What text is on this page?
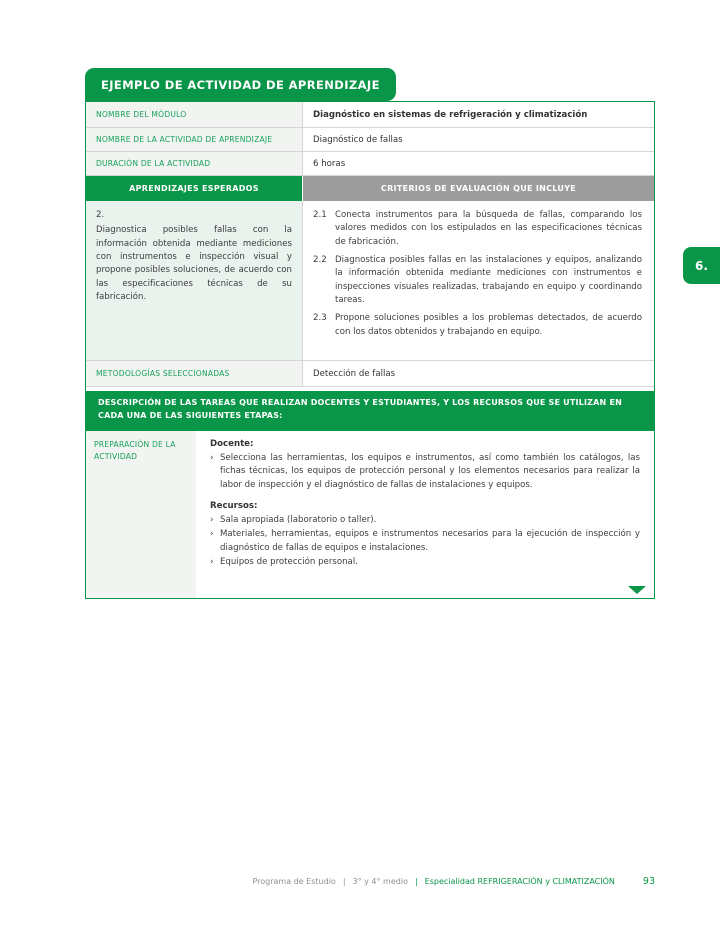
EJEMPLO DE ACTIVIDAD DE APRENDIZAJE
NOMBRE DEL MÓDULO	Diagnóstico en sistemas de refrigeración y climatización
NOMBRE DE LA ACTIVIDAD DE APRENDIZAJE	Diagnóstico de fallas
DURACIÓN DE LA ACTIVIDAD	6 horas
APRENDIZAJES ESPERADOS	CRITERIOS DE EVALUACIÓN QUE INCLUYE
2.
Diagnostica posibles fallas con la información obtenida mediante mediciones con instrumentos e inspección visual y propone posibles soluciones, de acuerdo con las especificaciones técnicas de su fabricación.
2.1 Conecta instrumentos para la búsqueda de fallas, comparando los valores medidos con los estipulados en las especificaciones técnicas de fabricación.
2.2 Diagnostica posibles fallas en las instalaciones y equipos, analizando la información obtenida mediante mediciones con instrumentos e inspecciones visuales realizadas, trabajando en equipo y coordinando tareas.
2.3 Propone soluciones posibles a los problemas detectados, de acuerdo con los datos obtenidos y trabajando en equipo.
METODOLOGÍAS SELECCIONADAS	Detección de fallas
DESCRIPCIÓN DE LAS TAREAS QUE REALIZAN DOCENTES Y ESTUDIANTES, Y LOS RECURSOS QUE SE UTILIZAN EN CADA UNA DE LAS SIGUIENTES ETAPAS:
PREPARACIÓN DE LA ACTIVIDAD
Docente:
› Selecciona las herramientas, los equipos e instrumentos, así como también los catálogos, las fichas técnicas, los equipos de protección personal y los elementos necesarios para realizar la labor de inspección y el diagnóstico de fallas de instalaciones y equipos.
Recursos:
› Sala apropiada (laboratorio o taller).
› Materiales, herramientas, equipos e instrumentos necesarios para la ejecución de inspección y diagnóstico de fallas de equipos e instalaciones.
› Equipos de protección personal.
6.
Programa de Estudio | 3° y 4° medio | Especialidad REFRIGERACIÓN y CLIMATIZACIÓN	93
